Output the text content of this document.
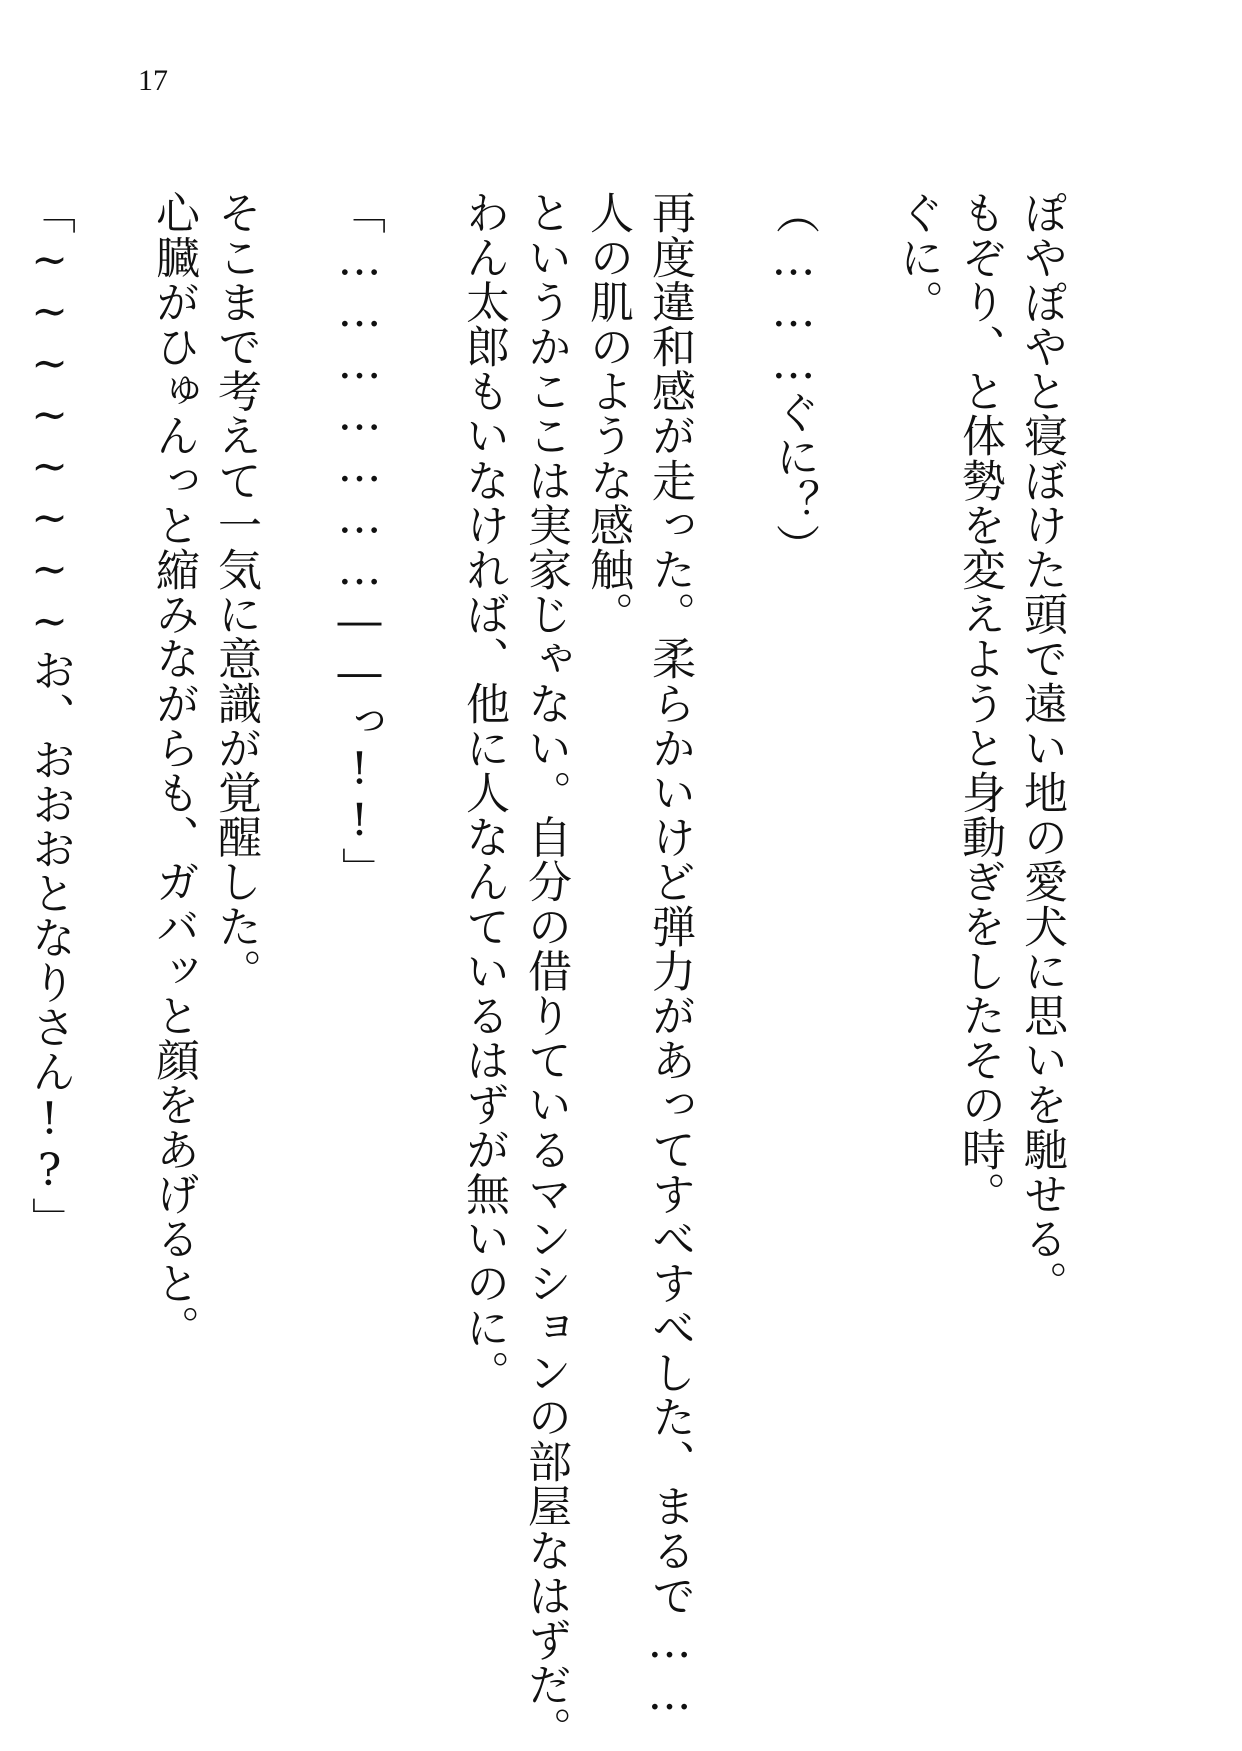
17
ぽやぽやと寝ぼけた頭で遠い地の愛犬に思いを馳せる。
もぞり、と体勢を変えようと身動ぎをしたその時。
ぐに。
（………ぐに？）
再度違和感が走った。柔らかいけど弾力があってすべすべした、まるで……
人の肌のような感触。
というかここは実家じゃない。自分の借りているマンションの部屋なはずだ。
わん太郎もいなければ、他に人なんているはずが無いのに。
「…………………――っ!!」
そこまで考えて一気に意識が覚醒した。
心臓がひゅんっと縮みながらも、ガバッと顔をあげると。
「~~~~~~~~お、おおおとなりさん!?」
